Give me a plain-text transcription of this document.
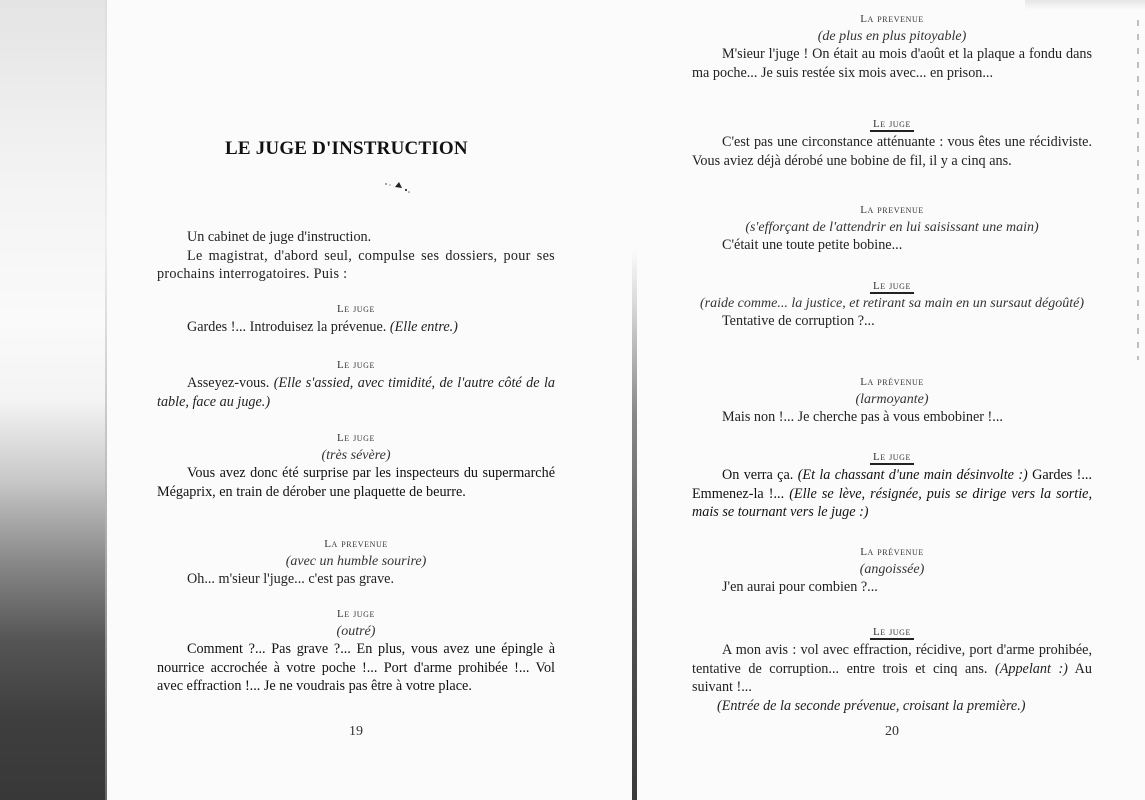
LE JUGE D'INSTRUCTION
Un cabinet de juge d'instruction.
Le magistrat, d'abord seul, compulse ses dossiers, pour ses prochains interrogatoires. Puis :
Le juge
Gardes !... Introduisez la prévenue. (Elle entre.)
Le juge
Asseyez-vous. (Elle s'assied, avec timidité, de l'autre côté de la table, face au juge.)
Le juge
(très sévère)
Vous avez donc été surprise par les inspecteurs du supermarché Mégaprix, en train de dérober une plaquette de beurre.
La prevenue
(avec un humble sourire)
Oh... m'sieur l'juge... c'est pas grave.
Le juge
(outré)
Comment ?... Pas grave ?... En plus, vous avez une épingle à nourrice accrochée à votre poche !... Port d'arme prohibée !... Vol avec effraction !... Je ne voudrais pas être à votre place.
19
La prevenue
(de plus en plus pitoyable)
M'sieur l'juge ! On était au mois d'août et la plaque a fondu dans ma poche... Je suis restée six mois avec... en prison...
Le juge
C'est pas une circonstance atténuante : vous êtes une récidiviste. Vous aviez déjà dérobé une bobine de fil, il y a cinq ans.
La prevenue
(s'efforçant de l'attendrir en lui saisissant une main)
C'était une toute petite bobine...
Le juge
(raide comme... la justice, et retirant sa main en un sursaut dégoûté)
Tentative de corruption ?...
La prévenue
(larmoyante)
Mais non !... Je cherche pas à vous embobiner !...
Le juge
On verra ça. (Et la chassant d'une main désinvolte :) Gardes !... Emmenez-la !... (Elle se lève, résignée, puis se dirige vers la sortie, mais se tournant vers le juge :)
La prévenue
(angoissée)
J'en aurai pour combien ?...
Le juge
A mon avis : vol avec effraction, récidive, port d'arme prohibée, tentative de corruption... entre trois et cinq ans. (Appelant :) Au suivant !...
(Entrée de la seconde prévenue, croisant la première.)
20
